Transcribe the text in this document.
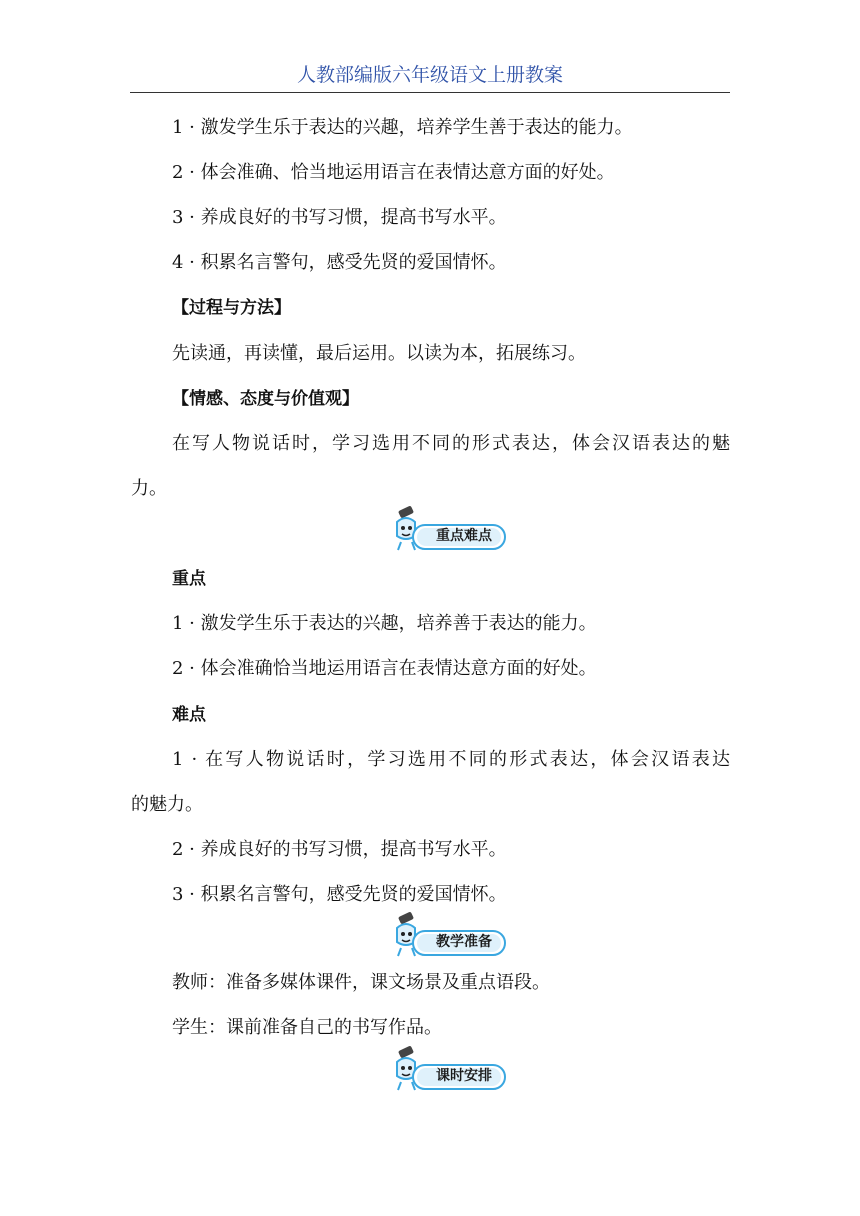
人教部编版六年级语文上册教案
1 · 激发学生乐于表达的兴趣，培养学生善于表达的能力。
2 · 体会准确、恰当地运用语言在表情达意方面的好处。
3 · 养成良好的书写习惯，提高书写水平。
4 · 积累名言警句，感受先贤的爱国情怀。
【过程与方法】
先读通，再读懂，最后运用。以读为本，拓展练习。
【情感、态度与价值观】
在写人物说话时，学习选用不同的形式表达，体会汉语表达的魅
力。
重点难点
重点
1 · 激发学生乐于表达的兴趣，培养善于表达的能力。
2 · 体会准确恰当地运用语言在表情达意方面的好处。
难点
1 · 在写人物说话时，学习选用不同的形式表达，体会汉语表达
的魅力。
2 · 养成良好的书写习惯，提高书写水平。
3 · 积累名言警句，感受先贤的爱国情怀。
教学准备
教师：准备多媒体课件，课文场景及重点语段。
学生：课前准备自己的书写作品。
课时安排
